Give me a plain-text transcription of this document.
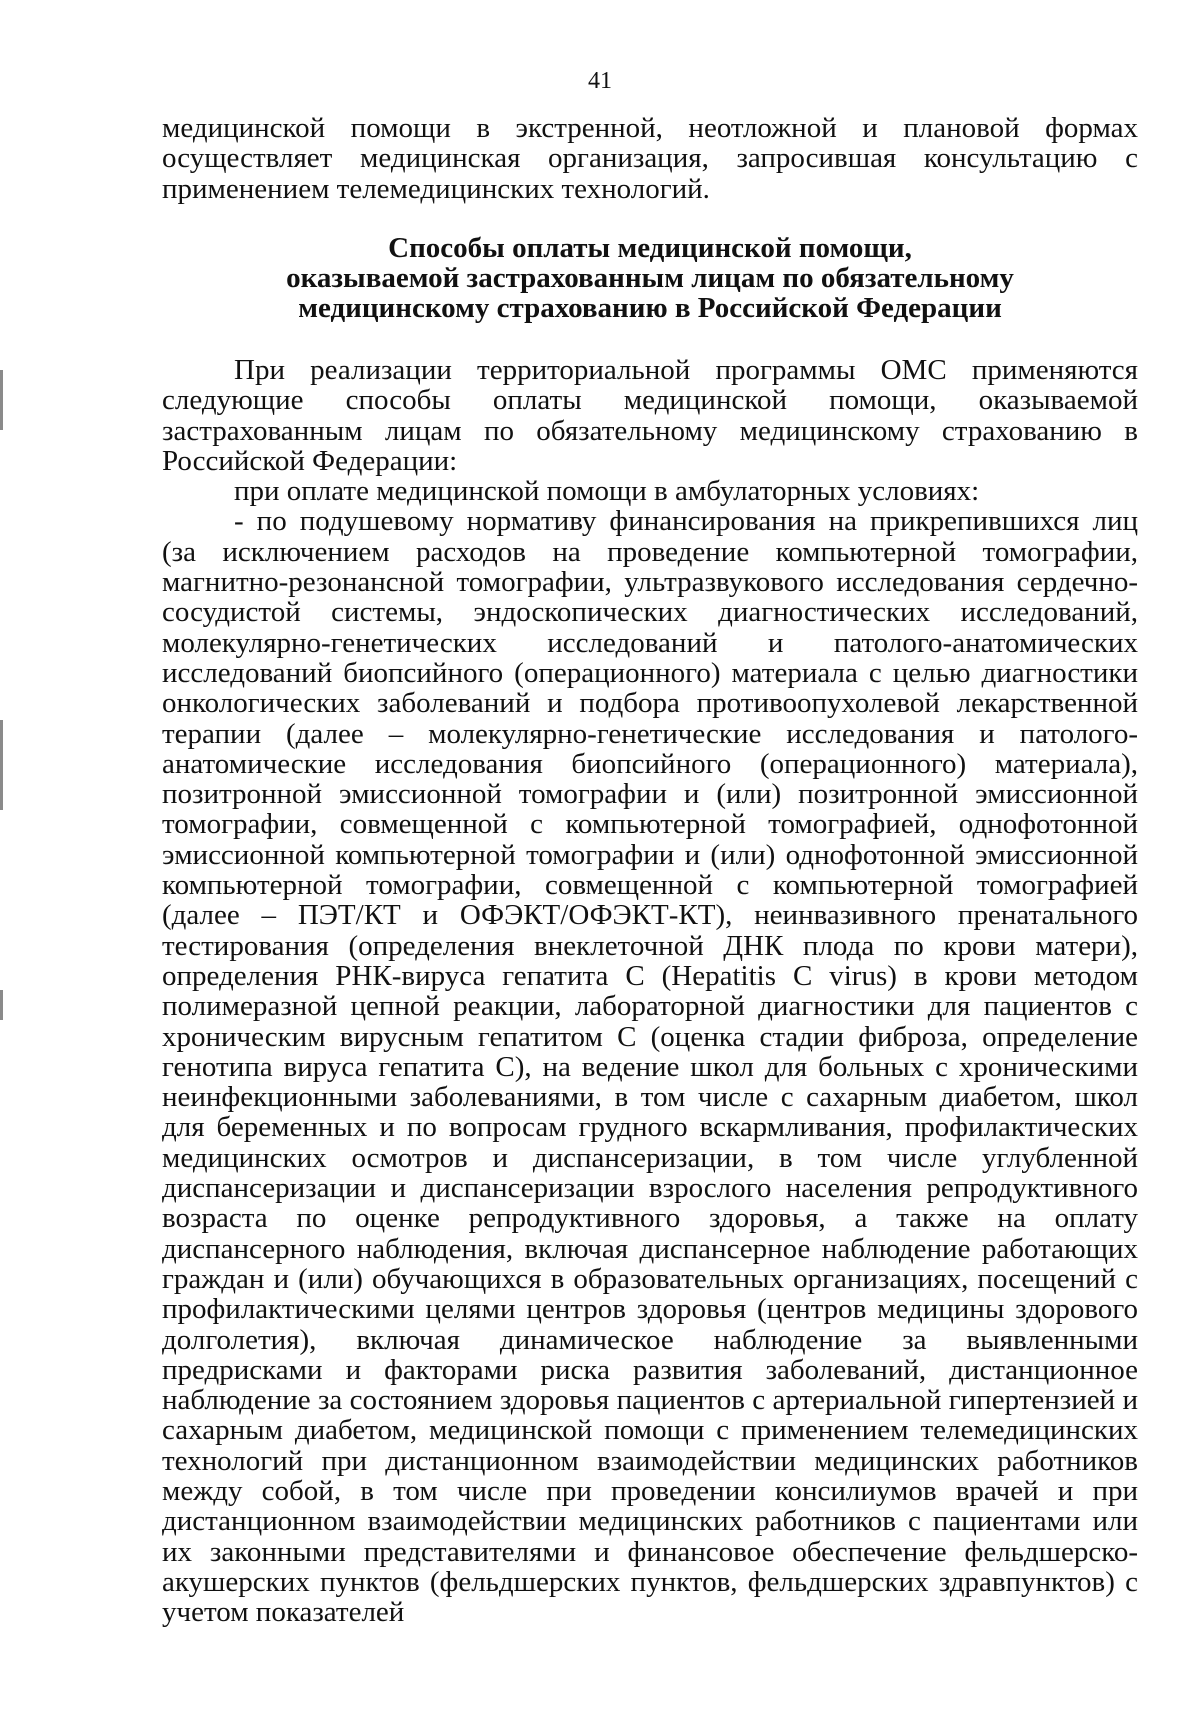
41

медицинской помощи в экстренной, неотложной и плановой формах осуществляет медицинская организация, запросившая консультацию с применением телемедицинских технологий.

Способы оплаты медицинской помощи,
оказываемой застрахованным лицам по обязательному
медицинскому страхованию в Российской Федерации

При реализации территориальной программы ОМС применяются следующие способы оплаты медицинской помощи, оказываемой застрахованным лицам по обязательному медицинскому страхованию в Российской Федерации:

при оплате медицинской помощи в амбулаторных условиях:

- по подушевому нормативу финансирования на прикрепившихся лиц (за исключением расходов на проведение компьютерной томографии, магнитно-резонансной томографии, ультразвукового исследования сердечно-сосудистой системы, эндоскопических диагностических исследований, молекулярно-генетических исследований и патолого-анатомических исследований биопсийного (операционного) материала с целью диагностики онкологических заболеваний и подбора противоопухолевой лекарственной терапии (далее – молекулярно-генетические исследования и патолого-анатомические исследования биопсийного (операционного) материала), позитронной эмиссионной томографии и (или) позитронной эмиссионной томографии, совмещенной с компьютерной томографией, однофотонной эмиссионной компьютерной томографии и (или) однофотонной эмиссионной компьютерной томографии, совмещенной с компьютерной томографией (далее – ПЭТ/КТ и ОФЭКТ/ОФЭКТ-КТ), неинвазивного пренатального тестирования (определения внеклеточной ДНК плода по крови матери), определения РНК-вируса гепатита С (Hepatitis C virus) в крови методом полимеразной цепной реакции, лабораторной диагностики для пациентов с хроническим вирусным гепатитом С (оценка стадии фиброза, определение генотипа вируса гепатита С), на ведение школ для больных с хроническими неинфекционными заболеваниями, в том числе с сахарным диабетом, школ для беременных и по вопросам грудного вскармливания, профилактических медицинских осмотров и диспансеризации, в том числе углубленной диспансеризации и диспансеризации взрослого населения репродуктивного возраста по оценке репродуктивного здоровья, а также на оплату диспансерного наблюдения, включая диспансерное наблюдение работающих граждан и (или) обучающихся в образовательных организациях, посещений с профилактическими целями центров здоровья (центров медицины здорового долголетия), включая динамическое наблюдение за выявленными предрисками и факторами риска развития заболеваний, дистанционное наблюдение за состоянием здоровья пациентов с артериальной гипертензией и сахарным диабетом, медицинской помощи с применением телемедицинских технологий при дистанционном взаимодействии медицинских работников между собой, в том числе при проведении консилиумов врачей и при дистанционном взаимодействии медицинских работников с пациентами или их законными представителями и финансовое обеспечение фельдшерско-акушерских пунктов (фельдшерских пунктов, фельдшерских здравпунктов) с учетом показателей
